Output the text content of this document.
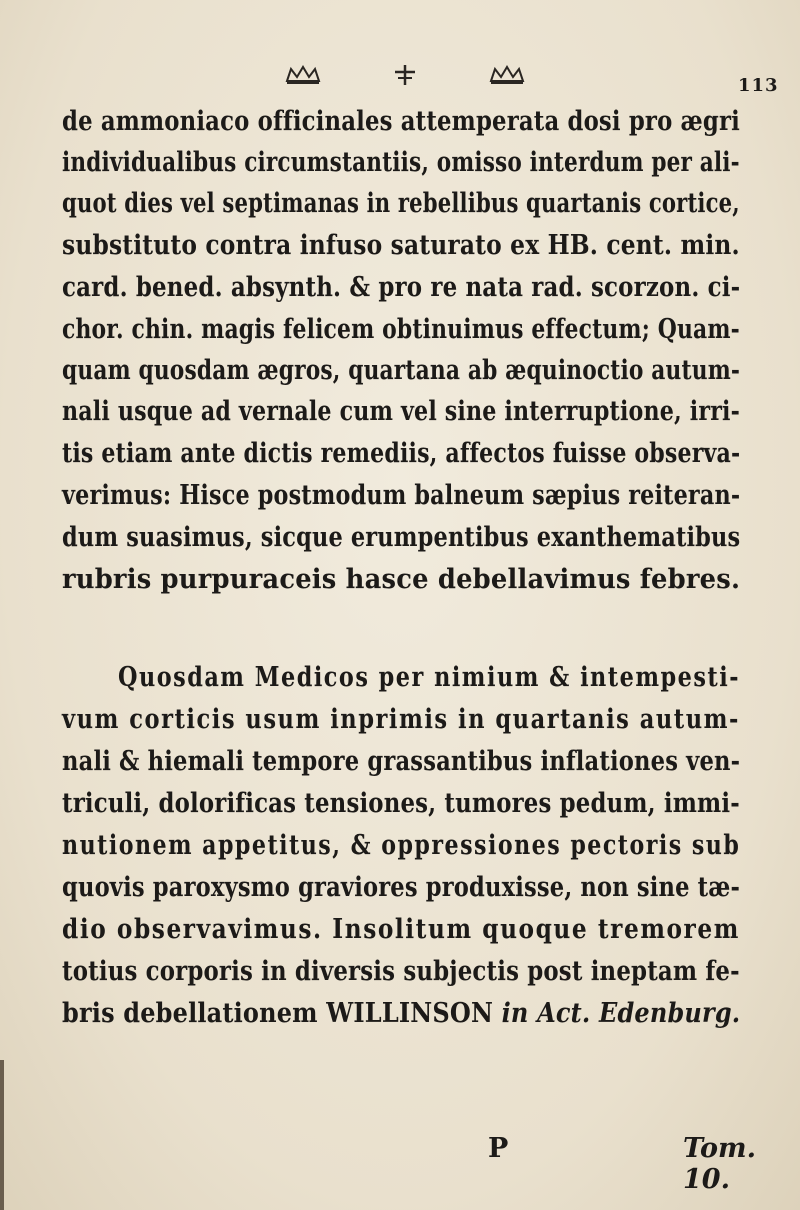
113
de ammoniaco officinales attemperata dosi pro ægri
individualibus circumstantiis, omisso interdum per ali-
quot dies vel septimanas in rebellibus quartanis cortice,
substituto contra infuso saturato ex HB. cent. min.
card. bened. absynth. & pro re nata rad. scorzon. ci-
chor. chin. magis felicem obtinuimus effectum; Quam-
quam quosdam ægros, quartana ab æquinoctio autum-
nali usque ad vernale cum vel sine interruptione, irri-
tis etiam ante dictis remediis, affectos fuisse observa-
verimus: Hisce postmodum balneum sæpius reiteran-
dum suasimus, sicque erumpentibus exanthematibus
rubris purpuraceis hasce debellavimus febres.
Quosdam Medicos per nimium & intempesti-
vum corticis usum inprimis in quartanis autum-
nali & hiemali tempore grassantibus inflationes ven-
triculi, dolorificas tensiones, tumores pedum, immi-
nutionem appetitus, & oppressiones pectoris sub
quovis paroxysmo graviores produxisse, non sine tæ-
dio observavimus. Insolitum quoque tremorem
totius corporis in diversis subjectis post ineptam fe-
bris debellationem WILLINSON in Act. Edenburg.
P	Tom. 10.
